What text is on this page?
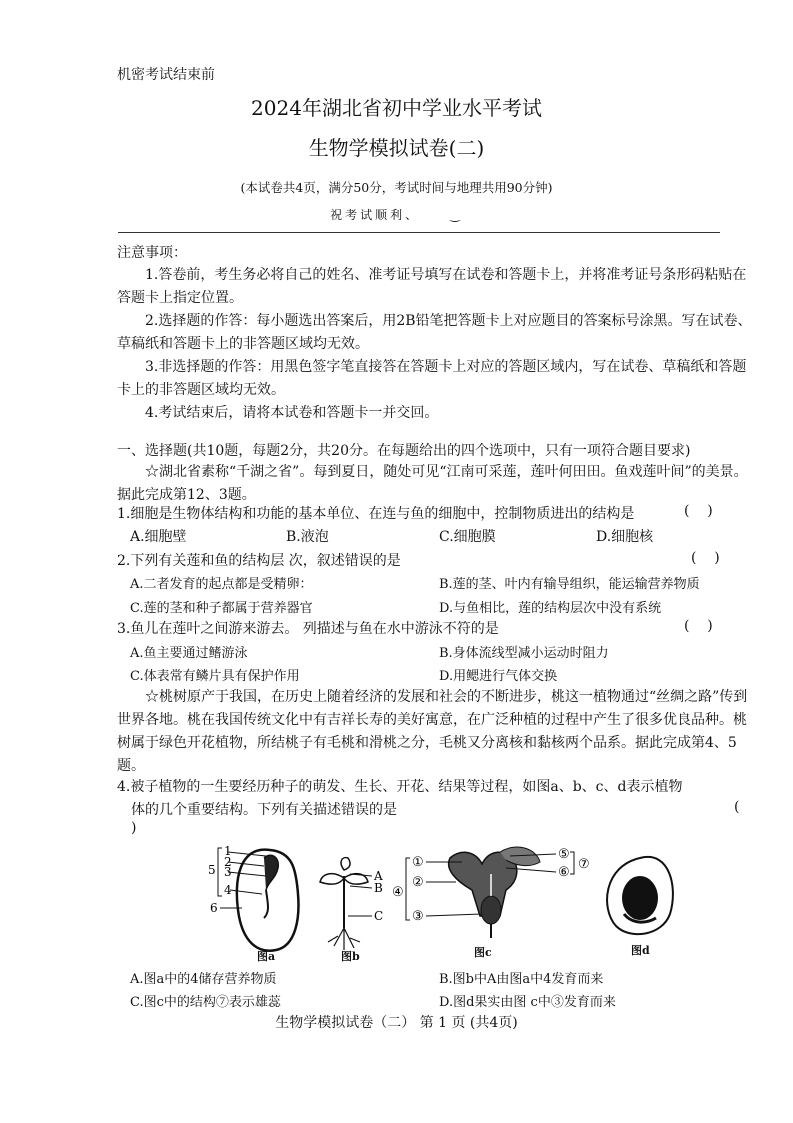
机密考试结束前
2024年湖北省初中学业水平考试
生物学模拟试卷(二)
(本试卷共4页，满分50分，考试时间与地理共用90分钟)
祝考试顺利、	‿
注意事项：
1.答卷前，考生务必将自己的姓名、准考证号填写在试卷和答题卡上，并将准考证号条形码粘贴在答题卡上指定位置。
2.选择题的作答：每小题选出答案后，用2B铅笔把答题卡上对应题目的答案标号涂黑。写在试卷、草稿纸和答题卡上的非答题区域均无效。
3.非选择题的作答：用黑色签字笔直接答在答题卡上对应的答题区域内，写在试卷、草稿纸和答题卡上的非答题区域均无效。
4.考试结束后，请将本试卷和答题卡一并交回。
一、选择题(共10题，每题2分，共20分。在每题给出的四个选项中，只有一项符合题目要求)
☆湖北省素称“千湖之省”。每到夏日，随处可见“江南可采莲，莲叶何田田。鱼戏莲叶间”的美景。据此完成第12、3题。
1.细胞是生物体结构和功能的基本单位、在连与鱼的细胞中，控制物质进出的结构是	(    )
A.细胞壁	B.液泡	C.细胞膜	D.细胞核
2.下列有关莲和鱼的结构层 次，叙述错误的是	(    )
A.二者发育的起点都是受精卵：	B.莲的茎、叶内有输导组织，能运输营养物质
C.莲的茎和种子都属于营养器官	D.与鱼相比，莲的结构层次中没有系统
3.鱼儿在莲叶之间游来游去。 列描述与鱼在水中游泳不符的是	(    )
A.鱼主要通过鳍游泳	B.身体流线型减小运动时阻力
C.体表常有鳞片具有保护作用	D.用鳃进行气体交换
☆桃树原产于我国，在历史上随着经济的发展和社会的不断进步，桃这一植物通过“丝绸之路”传到世界各地。桃在我国传统文化中有吉祥长寿的美好寓意，在广泛种植的过程中产生了很多优良品种。桃树属于绿色开花植物，所结桃子有毛桃和滑桃之分，毛桃又分离核和黏核两个品系。据此完成第4、5题。
4.被子植物的一生要经历种子的萌发、生长、开花、结果等过程，如图a、b、c、d表示植物
体的几个重要结构。下列有关描述错误的是	(
)
1
2
3
4
5
6
A
B
C
①
②
③
④
⑤
⑥
⑦
图a	图b	图c	图d
A.图a中的4储存营养物质	B.图b中A由图a中4发育而来
C.图c中的结构⑦表示雄蕊	D.图d果实由图 c中③发育而来
生物学模拟试卷（二） 第 1 页 (共4页)
